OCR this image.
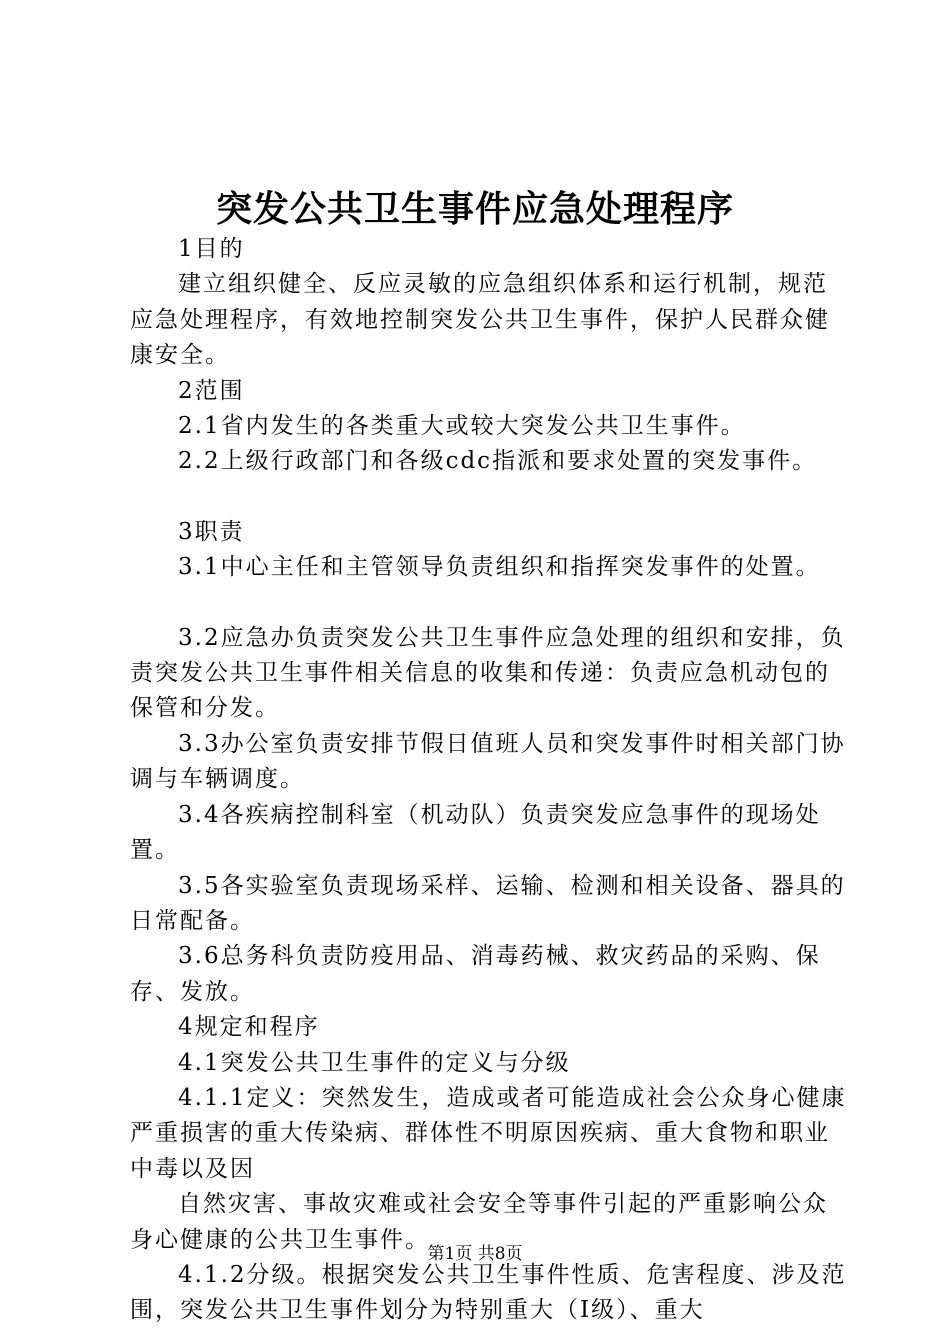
突发公共卫生事件应急处理程序

1目的

建立组织健全、反应灵敏的应急组织体系和运行机制，规范应急处理程序，有效地控制突发公共卫生事件，保护人民群众健康安全。

2范围

2.1省内发生的各类重大或较大突发公共卫生事件。

2.2上级行政部门和各级cdc指派和要求处置的突发事件。

3职责

3.1中心主任和主管领导负责组织和指挥突发事件的处置。

3.2应急办负责突发公共卫生事件应急处理的组织和安排，负责突发公共卫生事件相关信息的收集和传递：负责应急机动包的保管和分发。

3.3办公室负责安排节假日值班人员和突发事件时相关部门协调与车辆调度。

3.4各疾病控制科室（机动队）负责突发应急事件的现场处置。

3.5各实验室负责现场采样、运输、检测和相关设备、器具的日常配备。

3.6总务科负责防疫用品、消毒药械、救灾药品的采购、保存、发放。

4规定和程序

4.1突发公共卫生事件的定义与分级

4.1.1定义：突然发生，造成或者可能造成社会公众身心健康严重损害的重大传染病、群体性不明原因疾病、重大食物和职业中毒以及因

自然灾害、事故灾难或社会安全等事件引起的严重影响公众身心健康的公共卫生事件。

4.1.2分级。根据突发公共卫生事件性质、危害程度、涉及范围，突发公共卫生事件划分为特别重大（Ⅰ级）、重大

第1页 共8页
